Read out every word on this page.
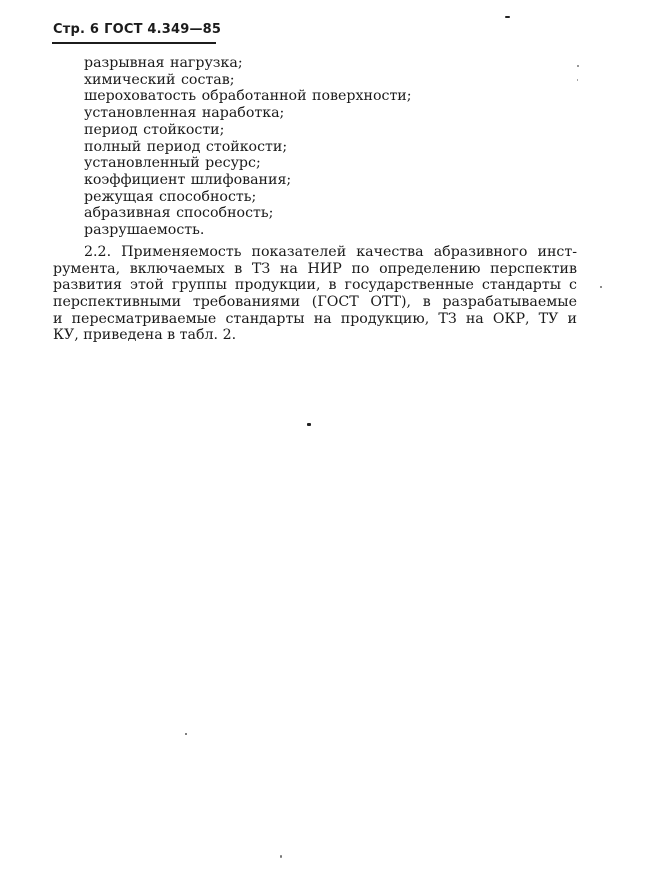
Стр. 6 ГОСТ 4.349—85
разрывная нагрузка;
химический состав;
шероховатость обработанной поверхности;
установленная наработка;
период стойкости;
полный период стойкости;
установленный ресурс;
коэффициент шлифования;
режущая способность;
абразивная способность;
разрушаемость.
2.2. Применяемость показателей качества абразивного инст-
румента, включаемых в ТЗ на НИР по определению перспектив
развития этой группы продукции, в государственные стандарты с
перспективными требованиями (ГОСТ ОТТ), в разрабатываемые
и пересматриваемые стандарты на продукцию, ТЗ на ОКР, ТУ и
КУ, приведена в табл. 2.
